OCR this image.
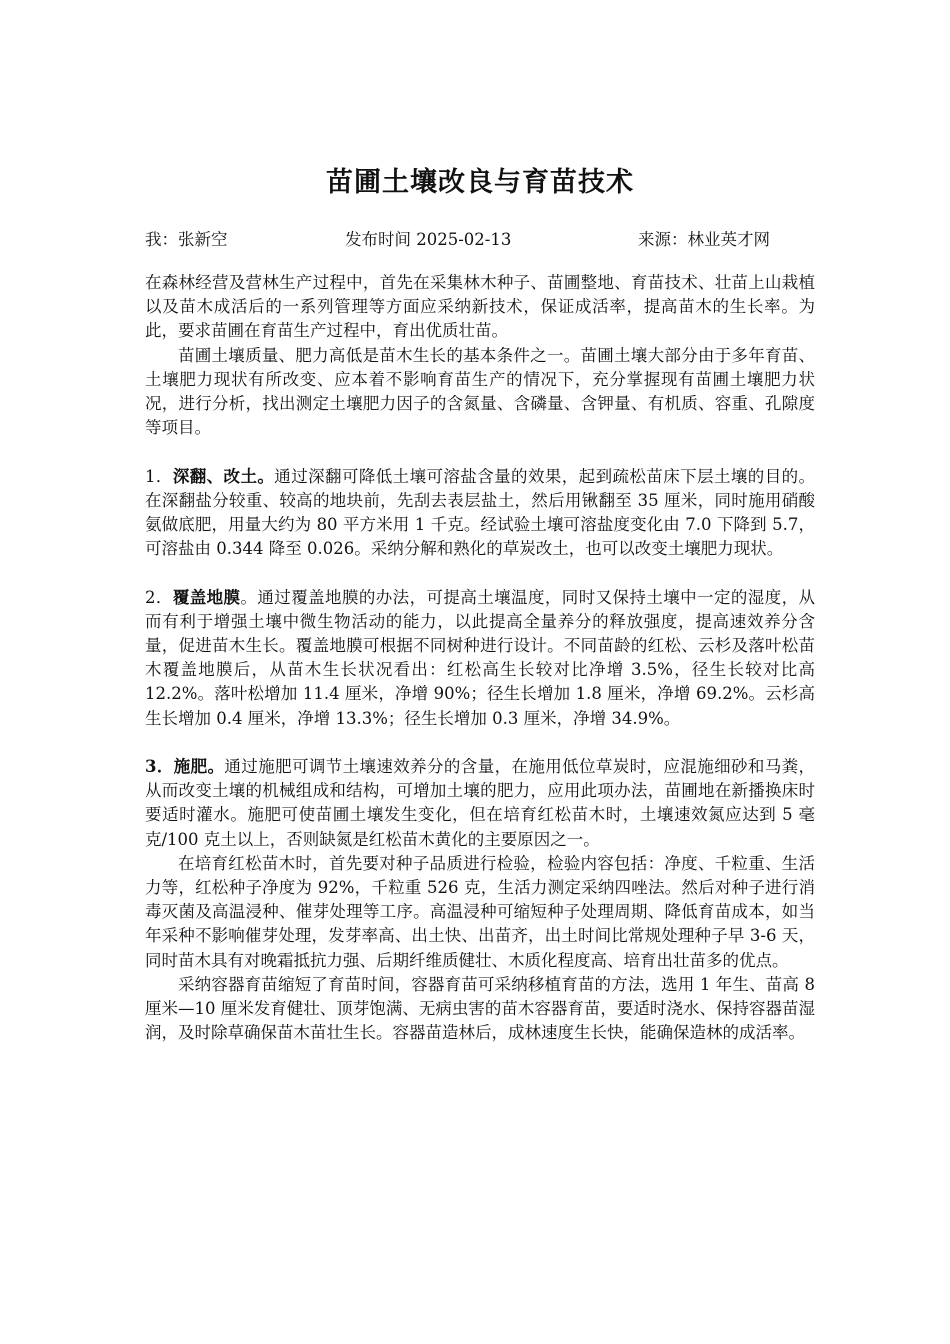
苗圃土壤改良与育苗技术
我：张新空	发布时间 2025-02-13	来源：林业英才网

在森林经营及营林生产过程中，首先在采集林木种子、苗圃整地、育苗技术、壮苗上山栽植以及苗木成活后的一系列管理等方面应采纳新技术，保证成活率，提高苗木的生长率。为此，要求苗圃在育苗生产过程中，育出优质壮苗。

苗圃土壤质量、肥力高低是苗木生长的基本条件之一。苗圃土壤大部分由于多年育苗、土壤肥力现状有所改变、应本着不影响育苗生产的情况下，充分掌握现有苗圃土壤肥力状况，进行分析，找出测定土壤肥力因子的含氮量、含磷量、含钾量、有机质、容重、孔隙度等项目。

1．深翻、改土。通过深翻可降低土壤可溶盐含量的效果，起到疏松苗床下层土壤的目的。在深翻盐分较重、较高的地块前，先刮去表层盐土，然后用锹翻至 35 厘米，同时施用硝酸氨做底肥，用量大约为 80 平方米用 1 千克。经试验土壤可溶盐度变化由 7.0 下降到 5.7，可溶盐由 0.344 降至 0.026。采纳分解和熟化的草炭改土，也可以改变土壤肥力现状。

2．覆盖地膜。通过覆盖地膜的办法，可提高土壤温度，同时又保持土壤中一定的湿度，从而有利于增强土壤中微生物活动的能力，以此提高全量养分的释放强度，提高速效养分含量，促进苗木生长。覆盖地膜可根据不同树种进行设计。不同苗龄的红松、云杉及落叶松苗木覆盖地膜后，从苗木生长状况看出：红松高生长较对比净增 3.5%，径生长较对比高 12.2%。落叶松增加 11.4 厘米，净增 90%；径生长增加 1.8 厘米，净增 69.2%。云杉高生长增加 0.4 厘米，净增 13.3%；径生长增加 0.3 厘米，净增 34.9%。

3．施肥。通过施肥可调节土壤速效养分的含量，在施用低位草炭时，应混施细砂和马粪，从而改变土壤的机械组成和结构，可增加土壤的肥力，应用此项办法，苗圃地在新播换床时要适时灌水。施肥可使苗圃土壤发生变化，但在培育红松苗木时，土壤速效氮应达到 5 毫克/100 克土以上，否则缺氮是红松苗木黄化的主要原因之一。

在培育红松苗木时，首先要对种子品质进行检验，检验内容包括：净度、千粒重、生活力等，红松种子净度为 92%，千粒重 526 克，生活力测定采纳四唑法。然后对种子进行消毒灭菌及高温浸种、催芽处理等工序。高温浸种可缩短种子处理周期、降低育苗成本，如当年采种不影响催芽处理，发芽率高、出土快、出苗齐，出土时间比常规处理种子早 3-6 天，同时苗木具有对晚霜抵抗力强、后期纤维质健壮、木质化程度高、培育出壮苗多的优点。

采纳容器育苗缩短了育苗时间，容器育苗可采纳移植育苗的方法，选用 1 年生、苗高 8 厘米—10 厘米发育健壮、顶芽饱满、无病虫害的苗木容器育苗，要适时浇水、保持容器苗湿润，及时除草确保苗木苗壮生长。容器苗造林后，成林速度生长快，能确保造林的成活率。
